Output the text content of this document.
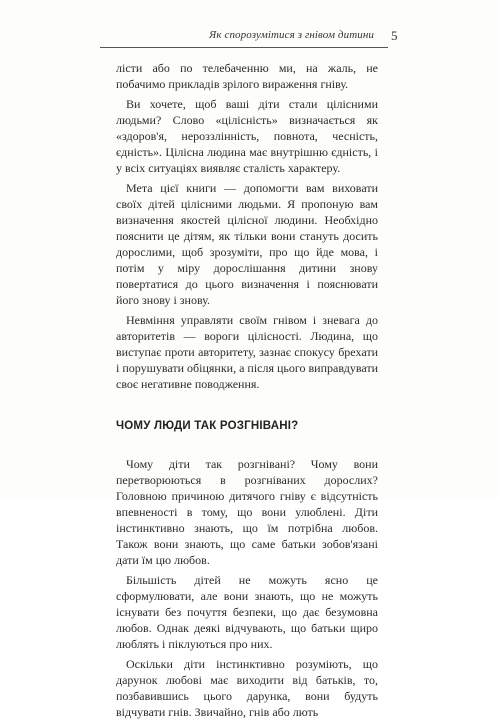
Як спорозумітися з гнівом дитини 5

лісти або по телебаченню ми, на жаль, не побачимо прикладів зрілого вираження гніву.

Ви хочете, щоб ваші діти стали цілісними людьми? Слово «цілісність» визначається як «здоров'я, нероззлінність, повнота, чесність, єдність». Цілісна людина має внутрішню єдність, і у всіх ситуаціях виявляє сталість характеру.

Мета цієї книги — допомогти вам виховати своїх дітей цілісними людьми. Я пропоную вам визначення якостей цілісної людини. Необхідно пояснити це дітям, як тільки вони стануть досить дорослими, щоб зрозуміти, про що йде мова, і потім у міру дорослішання дитини знову повертатися до цього визначення і пояснювати його знову і знову.

Невміння управляти своїм гнівом і зневага до авторитетів — вороги цілісності. Людина, що виступає проти авторитету, зазнає спокусу брехати і порушувати обіцянки, а після цього виправдувати своє негативне поводження.

ЧОМУ ЛЮДИ ТАК РОЗГНІВАНІ?

Чому діти так розгнівані? Чому вони перетворюються в розгніваних дорослих? Головною причиною дитячого гніву є відсутність впевненості в тому, що вони улюблені. Діти інстинктивно знають, що їм потрібна любов. Також вони знають, що саме батьки зобов'язані дати їм цю любов.

Більшість дітей не можуть ясно це сформулювати, але вони знають, що не можуть існувати без почуття безпеки, що дає безумовна любов. Однак деякі відчувають, що батьки щиро люблять і піклуються про них.

Оскільки діти інстинктивно розуміють, що дарунок любові має виходити від батьків, то, позбавившись цього дарунка, вони будуть відчувати гнів. Звичайно, гнів або лють
